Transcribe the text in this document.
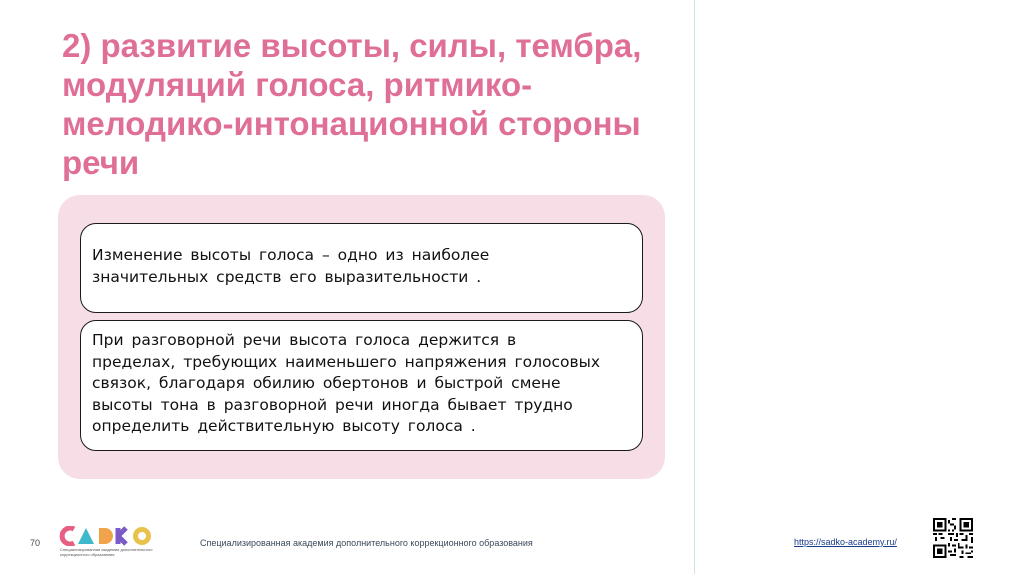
2) развитие высоты, силы, тембра,
модуляций голоса, ритмико-
мелодико-интонационной стороны
речи
Изменение высоты голоса – одно из наиболее
значительных средств его выразительности .
При разговорной речи высота голоса держится в
пределах, требующих наименьшего напряжения голосовых
связок, благодаря обилию обертонов и быстрой смене
высоты тона в разговорной речи иногда бывает трудно
определить действительную высоту голоса .
70
Специализированная академия дополнительного
коррекционного образования
Специализированная академия дополнительного коррекционного образования	https://sadko-academy.ru/
